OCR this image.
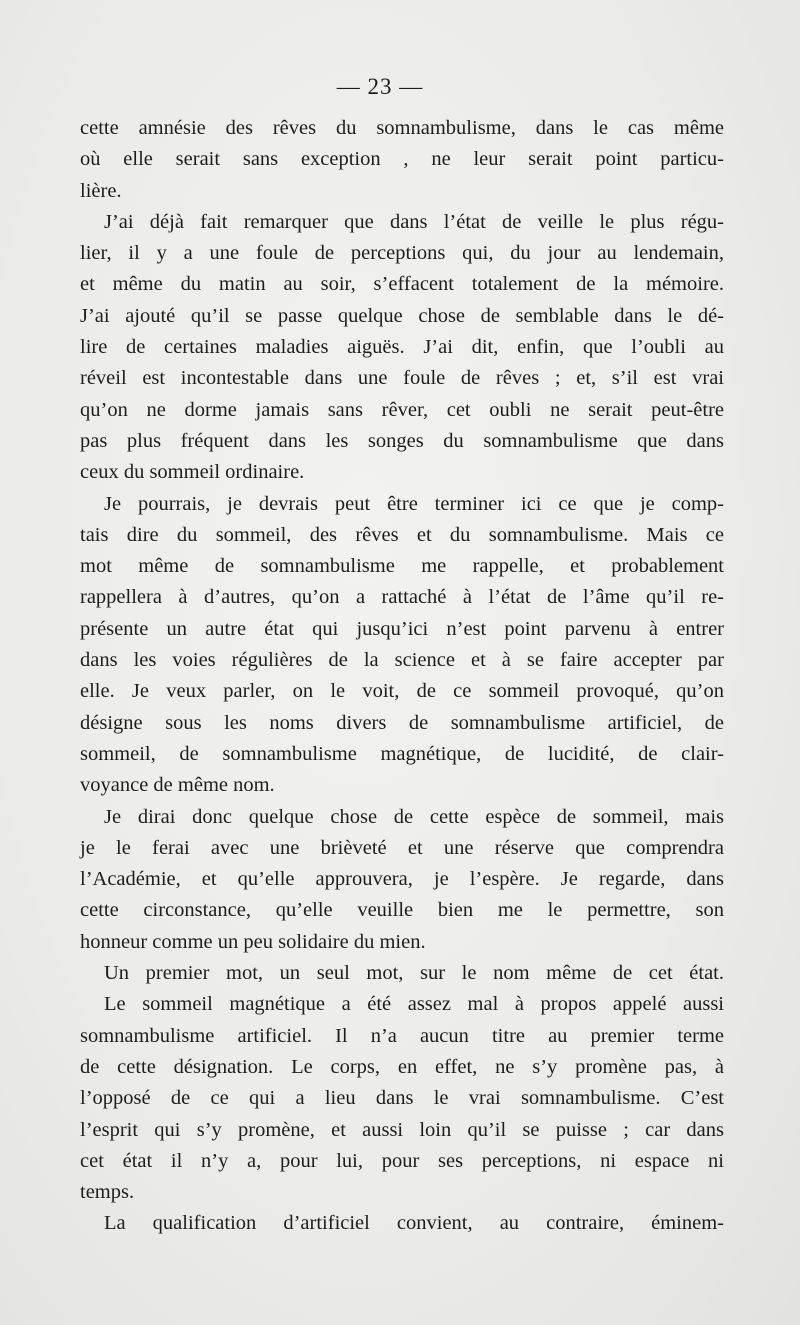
— 23 —
cette amnésie des rêves du somnambulisme, dans le cas même
où elle serait sans exception , ne leur serait point particu-
lière.
J’ai déjà fait remarquer que dans l’état de veille le plus régu-
lier, il y a une foule de perceptions qui, du jour au lendemain,
et même du matin au soir, s’effacent totalement de la mémoire.
J’ai ajouté qu’il se passe quelque chose de semblable dans le dé-
lire de certaines maladies aiguës. J’ai dit, enfin, que l’oubli au
réveil est incontestable dans une foule de rêves ; et, s’il est vrai
qu’on ne dorme jamais sans rêver, cet oubli ne serait peut-être
pas plus fréquent dans les songes du somnambulisme que dans
ceux du sommeil ordinaire.
Je pourrais, je devrais peut être terminer ici ce que je comp-
tais dire du sommeil, des rêves et du somnambulisme. Mais ce
mot même de somnambulisme me rappelle, et probablement
rappellera à d’autres, qu’on a rattaché à l’état de l’âme qu’il re-
présente un autre état qui jusqu’ici n’est point parvenu à entrer
dans les voies régulières de la science et à se faire accepter par
elle. Je veux parler, on le voit, de ce sommeil provoqué, qu’on
désigne sous les noms divers de somnambulisme artificiel, de
sommeil, de somnambulisme magnétique, de lucidité, de clair-
voyance de même nom.
Je dirai donc quelque chose de cette espèce de sommeil, mais
je le ferai avec une brièveté et une réserve que comprendra
l’Académie, et qu’elle approuvera, je l’espère. Je regarde, dans
cette circonstance, qu’elle veuille bien me le permettre, son
honneur comme un peu solidaire du mien.
Un premier mot, un seul mot, sur le nom même de cet état.
Le sommeil magnétique a été assez mal à propos appelé aussi
somnambulisme artificiel. Il n’a aucun titre au premier terme
de cette désignation. Le corps, en effet, ne s’y promène pas, à
l’opposé de ce qui a lieu dans le vrai somnambulisme. C’est
l’esprit qui s’y promène, et aussi loin qu’il se puisse ; car dans
cet état il n’y a, pour lui, pour ses perceptions, ni espace ni
temps.
La qualification d’artificiel convient, au contraire, éminem-
